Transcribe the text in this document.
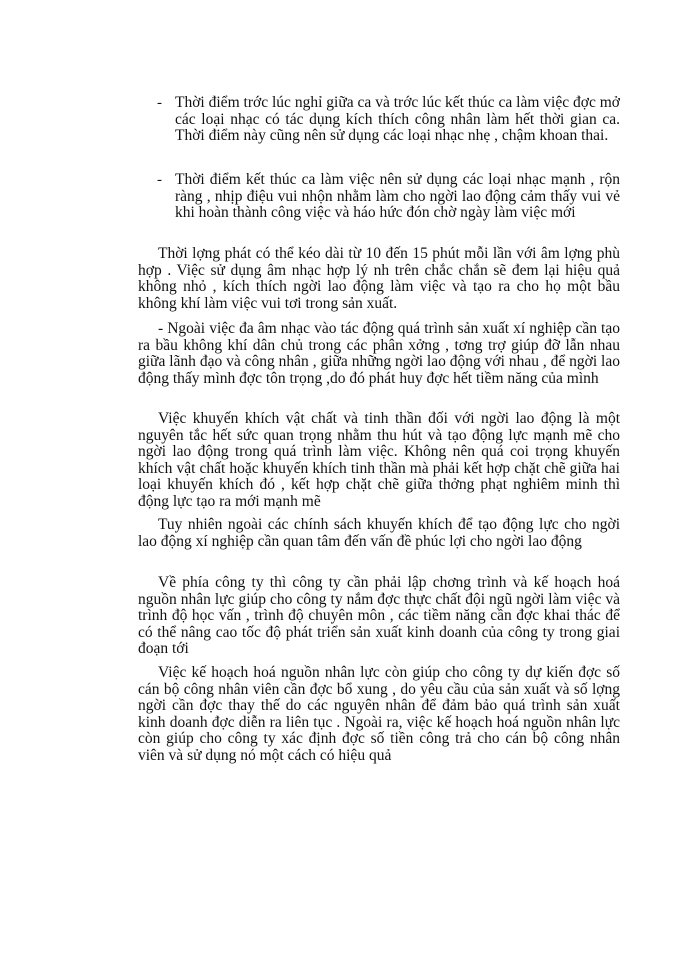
- Thời điểm trớc lúc nghỉ giữa ca và trớc lúc kết thúc ca làm việc đợc mở các loại nhạc có tác dụng kích thích công nhân làm hết thời gian ca. Thời điểm này cũng nên sử dụng các loại nhạc nhẹ , chậm khoan thai.
- Thời điểm kết thúc ca làm việc nên sử dụng các loại nhạc mạnh , rộn ràng , nhịp điệu vui nhộn nhằm làm cho ngời lao động cảm thấy vui vẻ khi hoàn thành công việc và háo hức đón chờ ngày làm việc mới
Thời lợng phát có thể kéo dài từ 10 đến 15 phút mỗi lần với âm lợng phù hợp . Việc sử dụng âm nhạc hợp lý nh trên chắc chắn sẽ đem lại hiệu quả không nhỏ , kích thích ngời lao động làm việc và tạo ra cho họ một bầu không khí làm việc vui tơi trong sản xuất.
- Ngoài việc đa âm nhạc vào tác động quá trình sản xuất xí nghiệp cần tạo ra bầu không khí dân chủ trong các phân xởng , tơng trợ giúp đỡ lẫn nhau giữa lãnh đạo và công nhân , giữa những ngời lao động với nhau , để ngời lao động thấy mình đợc tôn trọng ,do đó phát huy đợc hết tiềm năng của mình
Việc khuyến khích vật chất và tinh thần đối với ngời lao động là một nguyên tắc hết sức quan trọng nhằm thu hút và tạo động lực mạnh mẽ cho ngời lao động trong quá trình làm việc. Không nên quá coi trọng khuyến khích vật chất hoặc khuyến khích tinh thần mà phải kết hợp chặt chẽ giữa hai loại khuyến khích đó , kết hợp chặt chẽ giữa thởng phạt nghiêm minh thì động lực tạo ra mới mạnh mẽ
Tuy nhiên ngoài các chính sách khuyến khích để tạo động lực cho ngời lao động xí nghiệp cần quan tâm đến vấn đề phúc lợi cho ngời lao động
Về phía công ty thì công ty cần phải lập chơng trình và kế hoạch hoá nguồn nhân lực giúp cho công ty nắm đợc thực chất đội ngũ ngời làm việc và trình độ học vấn , trình độ chuyên môn , các tiềm năng cần đợc khai thác để có thể nâng cao tốc độ phát triển sản xuất kinh doanh của công ty trong giai đoạn tới
Việc kế hoạch hoá nguồn nhân lực còn giúp cho công ty dự kiến đợc số cán bộ công nhân viên cần đợc bổ xung , do yêu cầu của sản xuất và số lợng ngời cần đợc thay thế do các nguyên nhân để đảm bảo quá trình sản xuất kinh doanh đợc diễn ra liên tục . Ngoài ra, việc kế hoạch hoá nguồn nhân lực còn giúp cho công ty xác định đợc số tiền công trả cho cán bộ công nhân viên và sử dụng nó một cách có hiệu quả
